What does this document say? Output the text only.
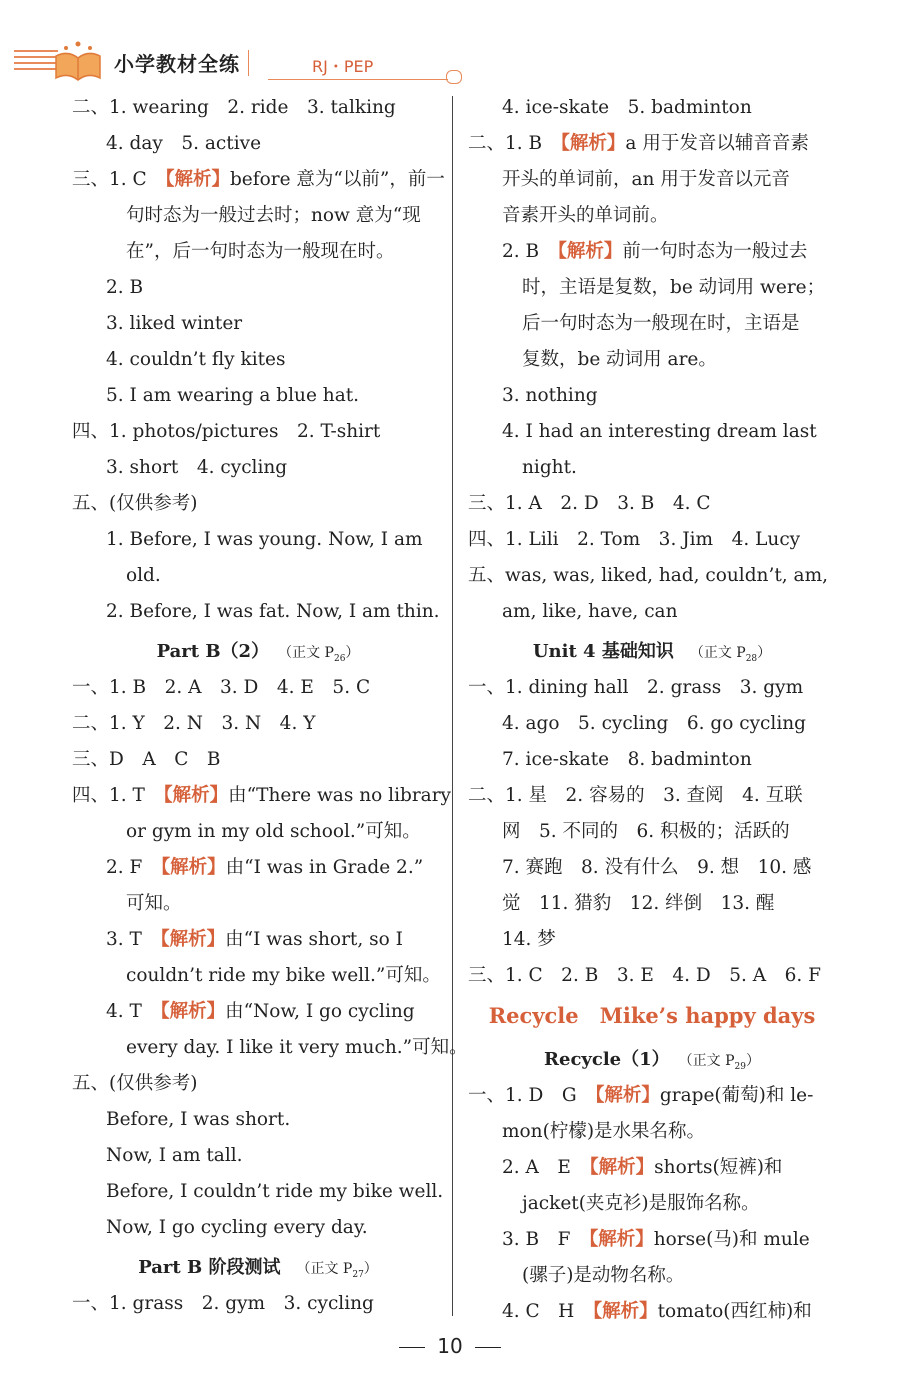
小学教材全练	RJ・PEP
二、1. wearing　2. ride　3. talking
4. day　5. active
三、1. C　【解析】before 意为“以前”，前一
句时态为一般过去时；now 意为“现
在”，后一句时态为一般现在时。
2. B
3. liked winter
4. couldn’t fly kites
5. I am wearing a blue hat.
四、1. photos/pictures　2. T-shirt
3. short　4. cycling
五、(仅供参考)
1. Before, I was young. Now, I am
old.
2. Before, I was fat. Now, I am thin.
Part B（2） （正文 $P_{26}$）
一、1. B　2. A　3. D　4. E　5. C
二、1. Y　2. N　3. N　4. Y
三、D　A　C　B
四、1. T　【解析】由“There was no library
or gym in my old school.”可知。
2. F　【解析】由“I was in Grade 2.”
可知。
3. T　【解析】由“I was short, so I
couldn’t ride my bike well.”可知。
4. T　【解析】由“Now, I go cycling
every day. I like it very much.”可知。
五、(仅供参考)
Before, I was short.
Now, I am tall.
Before, I couldn’t ride my bike well.
Now, I go cycling every day.
Part B 阶段测试 （正文 $P_{27}$）
一、1. grass　2. gym　3. cycling
4. ice-skate　5. badminton
二、1. B　【解析】a 用于发音以辅音音素
开头的单词前，an 用于发音以元音
音素开头的单词前。
2. B　【解析】前一句时态为一般过去
时，主语是复数，be 动词用 were；
后一句时态为一般现在时，主语是
复数，be 动词用 are。
3. nothing
4. I had an interesting dream last
night.
三、1. A　2. D　3. B　4. C
四、1. Lili　2. Tom　3. Jim　4. Lucy
五、was, was, liked, had, couldn’t, am,
am, like, have, can
Unit 4 基础知识 （正文 $P_{28}$）
一、1. dining hall　2. grass　3. gym
4. ago　5. cycling　6. go cycling
7. ice-skate　8. badminton
二、1. 星　2. 容易的　3. 查阅　4. 互联
网　5. 不同的　6. 积极的；活跃的
7. 赛跑　8. 没有什么　9. 想　10. 感
觉　11. 猎豹　12. 绊倒　13. 醒
14. 梦
三、1. C　2. B　3. E　4. D　5. A　6. F
Recycle　Mike’s happy days
Recycle（1） （正文 $P_{29}$）
一、1. D　G　【解析】grape(葡萄)和 le-
mon(柠檬)是水果名称。
2. A　E　【解析】shorts(短裤)和
jacket(夹克衫)是服饰名称。
3. B　F　【解析】horse(马)和 mule
(骡子)是动物名称。
4. C　H　【解析】tomato(西红柿)和
10
